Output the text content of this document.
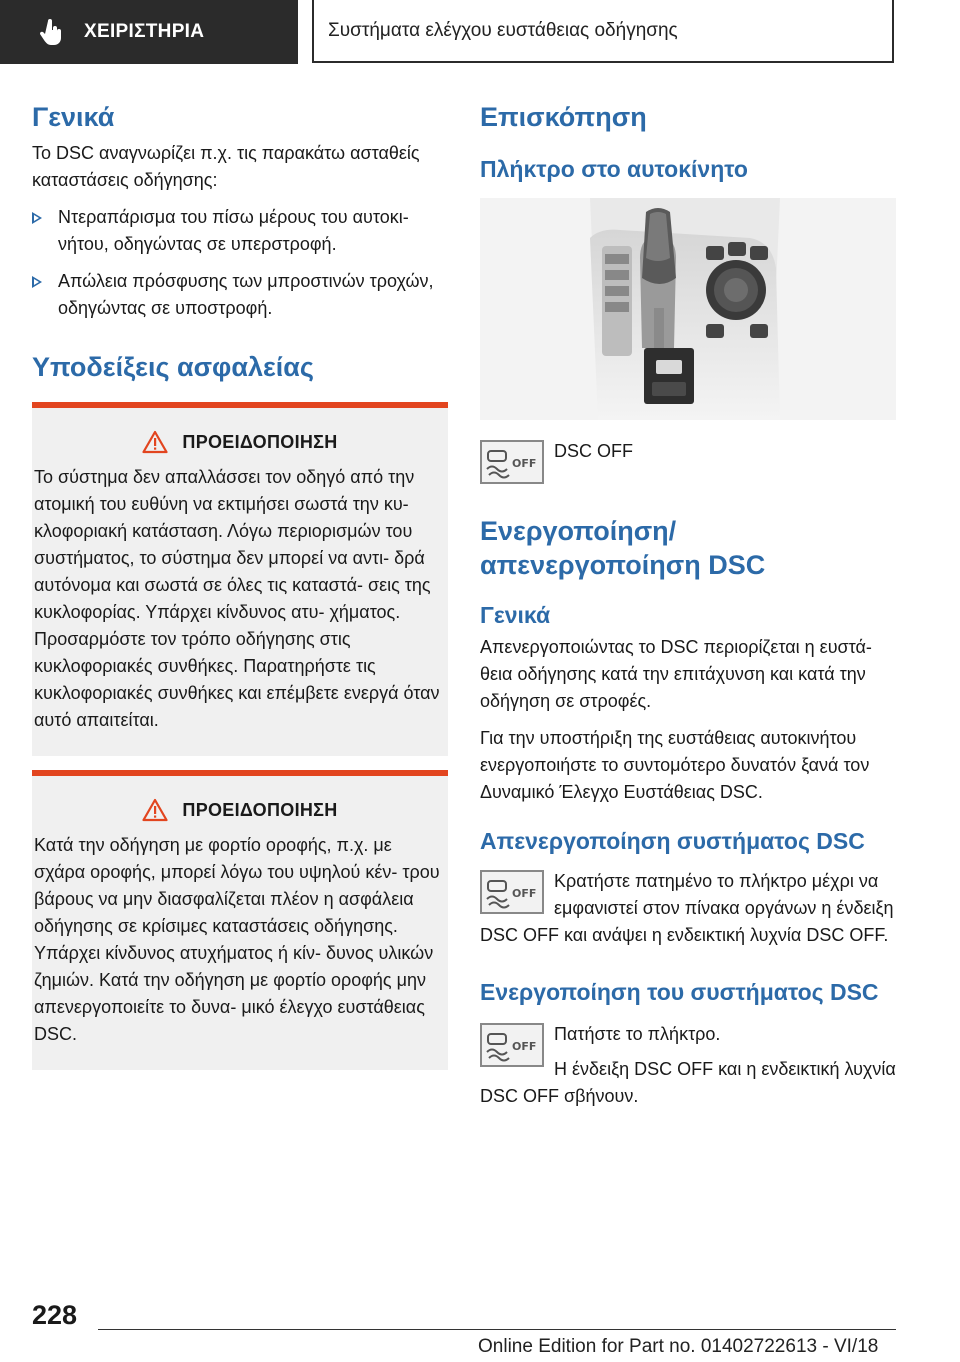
ΧΕΙΡΙΣΤΗΡΙΑ	Συστήματα ελέγχου ευστάθειας οδήγησης
Γενικά

Το DSC αναγνωρίζει π.χ. τις παρακάτω ασταθείς καταστάσεις οδήγησης:

Ντεραπάρισμα του πίσω μέρους του αυτοκι‐ νήτου, οδηγώντας σε υπερστροφή.
Απώλεια πρόσφυσης των μπροστινών τροχών, οδηγώντας σε υποστροφή.
Υποδείξεις ασφαλείας
ΠΡΟΕΙΔΟΠΟΙΗΣΗ

Το σύστημα δεν απαλλάσσει τον οδηγό από την ατομική του ευθύνη να εκτιμήσει σωστά την κυ‐ κλοφοριακή κατάσταση. Λόγω περιορισμών του συστήματος, το σύστημα δεν μπορεί να αντι‐ δρά αυτόνομα και σωστά σε όλες τις καταστά‐ σεις της κυκλοφορίας. Υπάρχει κίνδυνος ατυ‐ χήματος. Προσαρμόστε τον τρόπο οδήγησης στις κυκλοφοριακές συνθήκες. Παρατηρήστε τις κυκλοφοριακές συνθήκες και επέμβετε ενεργά όταν αυτό απαιτείται.

ΠΡΟΕΙΔΟΠΟΙΗΣΗ

Κατά την οδήγηση με φορτίο οροφής, π.χ. με σχάρα οροφής, μπορεί λόγω του υψηλού κέν‐ τρου βάρους να μην διασφαλίζεται πλέον η ασφάλεια οδήγησης σε κρίσιμες καταστάσεις οδήγησης. Υπάρχει κίνδυνος ατυχήματος ή κίν‐ δυνος υλικών ζημιών. Κατά την οδήγηση με φορτίο οροφής μην απενεργοποιείτε το δυνα‐ μικό έλεγχο ευστάθειας DSC.

Επισκόπηση
Πλήκτρο στο αυτοκίνητο
OFF

DSC OFF

Ενεργοποίηση/απενεργοποίηση DSC
Γενικά

Απενεργοποιώντας το DSC περιορίζεται η ευστά‐ θεια οδήγησης κατά την επιτάχυνση και κατά την οδήγηση σε στροφές.

Για την υποστήριξη της ευστάθειας αυτοκινήτου ενεργοποιήστε το συντομότερο δυνατόν ξανά τον Δυναμικό Έλεγχο Ευστάθειας DSC.

Απενεργοποίηση συστήματος DSC
OFF

Κρατήστε πατημένο το πλήκτρο μέχρι να εμφανιστεί στον πίνακα οργάνων η ένδειξη DSC OFF και ανάψει η ενδεικτική λυχνία DSC OFF.

Ενεργοποίηση του συστήματος DSC
OFF

Πατήστε το πλήκτρο.

Η ένδειξη DSC OFF και η ενδεικτική λυχνία DSC OFF σβήνουν.

228
Online Edition for Part no. 01402722613 - VI/18
